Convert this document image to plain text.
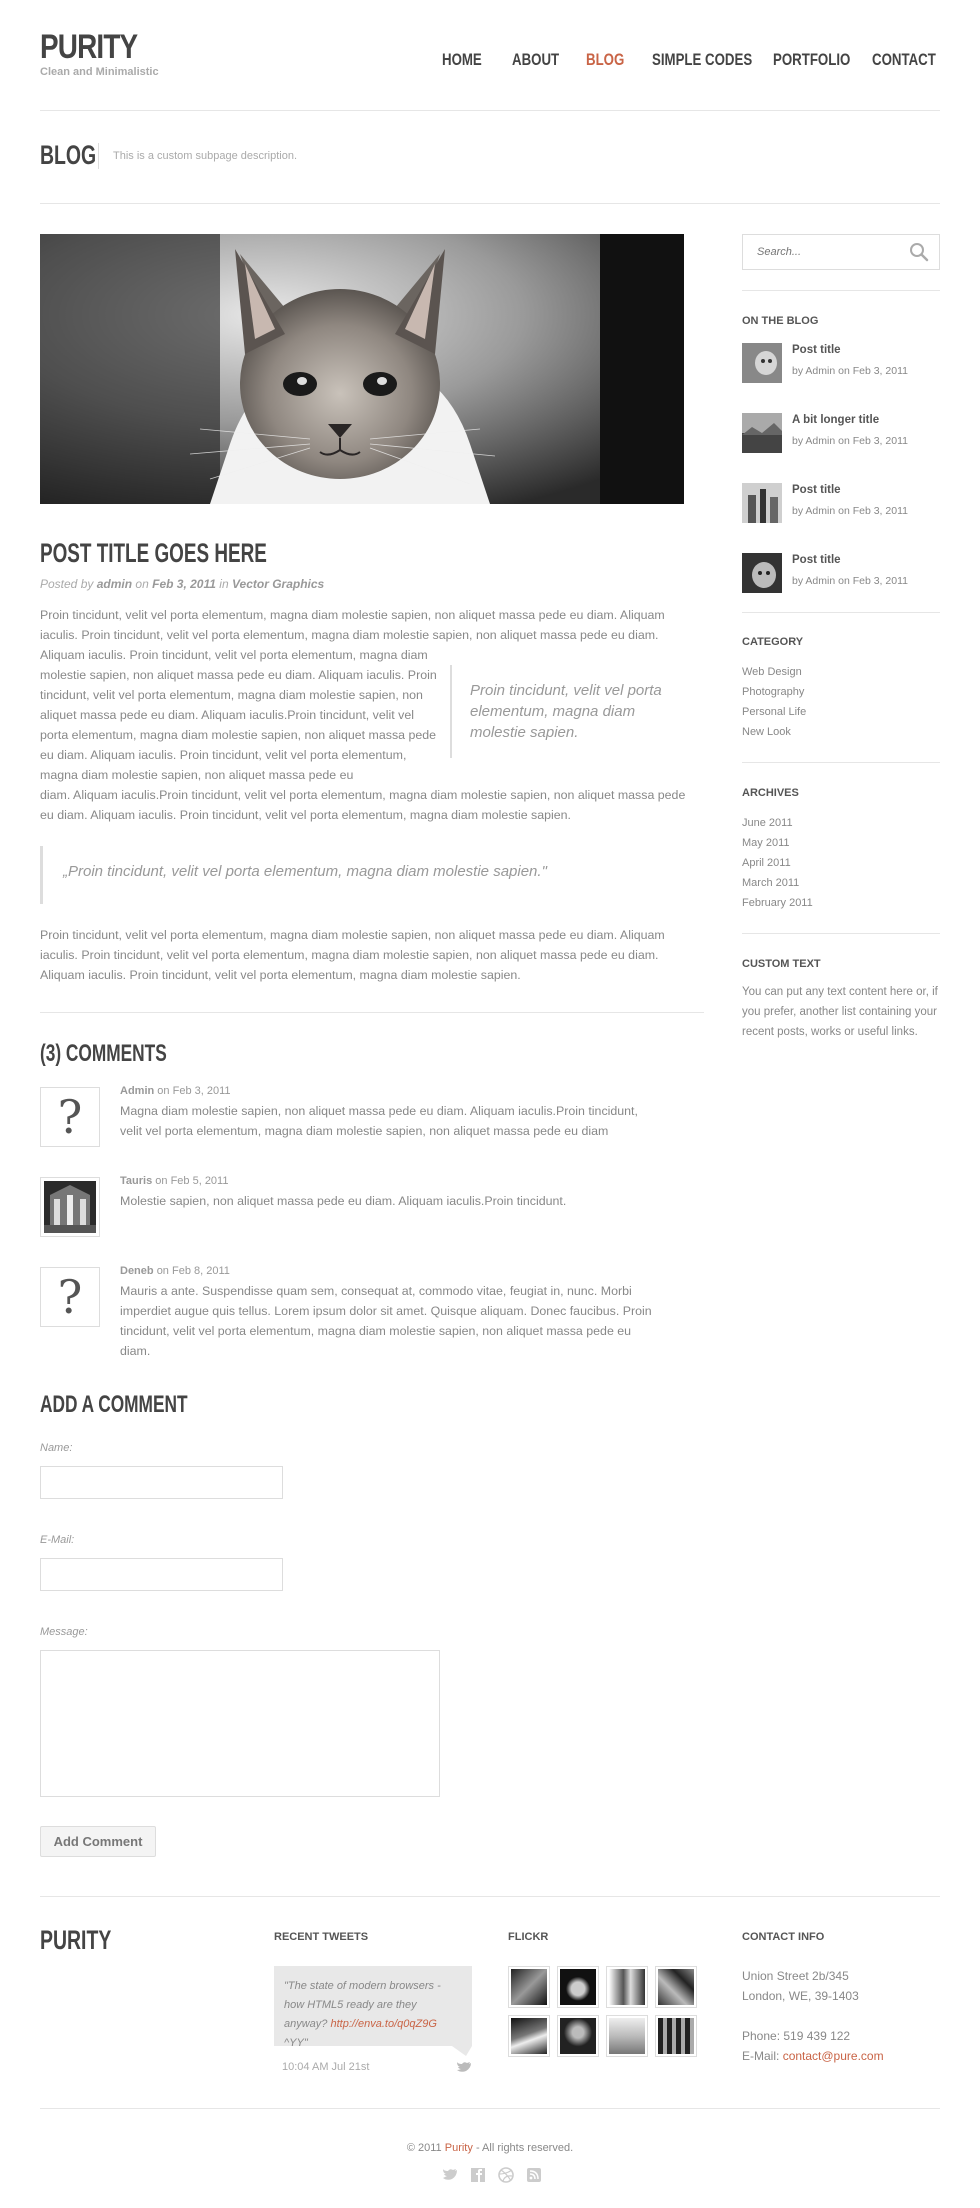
PURITY
Clean and Minimalistic
HOME ABOUT BLOG SIMPLE CODES PORTFOLIO CONTACT
BLOG	This is a custom subpage description.
POST TITLE GOES HERE
Posted by admin on Feb 3, 2011 in Vector Graphics
Proin tincidunt, velit vel porta elementum, magna diam molestie sapien, non aliquet massa pede eu diam. Aliquam iaculis. Proin tincidunt, velit vel porta elementum, magna diam molestie sapien, non aliquet massa pede eu diam. Aliquam iaculis. Proin tincidunt, velit vel porta elementum, magna diam
molestie sapien, non aliquet massa pede eu diam. Aliquam iaculis. Proin tincidunt, velit vel porta elementum, magna diam molestie sapien, non aliquet massa pede eu diam. Aliquam iaculis.Proin tincidunt, velit vel porta elementum, magna diam molestie sapien, non aliquet massa pede eu diam. Aliquam iaculis. Proin tincidunt, velit vel porta elementum, magna diam molestie sapien, non aliquet massa pede eu
diam. Aliquam iaculis.Proin tincidunt, velit vel porta elementum, magna diam molestie sapien, non aliquet massa pede eu diam. Aliquam iaculis. Proin tincidunt, velit vel porta elementum, magna diam molestie sapien.
Proin tincidunt, velit vel porta elementum, magna diam molestie sapien.
„Proin tincidunt, velit vel porta elementum, magna diam molestie sapien."
Proin tincidunt, velit vel porta elementum, magna diam molestie sapien, non aliquet massa pede eu diam. Aliquam iaculis. Proin tincidunt, velit vel porta elementum, magna diam molestie sapien, non aliquet massa pede eu diam. Aliquam iaculis. Proin tincidunt, velit vel porta elementum, magna diam molestie sapien.
(3) COMMENTS
?	Admin on Feb 3, 2011
Magna diam molestie sapien, non aliquet massa pede eu diam. Aliquam iaculis.Proin tincidunt, velit vel porta elementum, magna diam molestie sapien, non aliquet massa pede eu diam
Tauris on Feb 5, 2011
Molestie sapien, non aliquet massa pede eu diam. Aliquam iaculis.Proin tincidunt.
?	Deneb on Feb 8, 2011
Mauris a ante. Suspendisse quam sem, consequat at, commodo vitae, feugiat in, nunc. Morbi imperdiet augue quis tellus. Lorem ipsum dolor sit amet. Quisque aliquam. Donec faucibus. Proin tincidunt, velit vel porta elementum, magna diam molestie sapien, non aliquet massa pede eu diam.
ADD A COMMENT
Name:
E-Mail:
Message:
Add Comment
Search...
ON THE BLOG
Post title
by Admin on Feb 3, 2011
A bit longer title
by Admin on Feb 3, 2011
Post title
by Admin on Feb 3, 2011
Post title
by Admin on Feb 3, 2011
CATEGORY
Web Design
Photography
Personal Life
New Look
ARCHIVES
June 2011
May 2011
April 2011
March 2011
February 2011
CUSTOM TEXT
You can put any text content here or, if you prefer, another list containing your recent posts, works or useful links.
PURITY	RECENT TWEETS
"The state of modern browsers - how HTML5 ready are they anyway? http://enva.to/q0qZ9G ^YY"
10:04 AM Jul 21st
FLICKR	CONTACT INFO
Union Street 2b/345
London, WE, 39-1403
Phone: 519 439 122
E-Mail: contact@pure.com
© 2011 Purity - All rights reserved.
